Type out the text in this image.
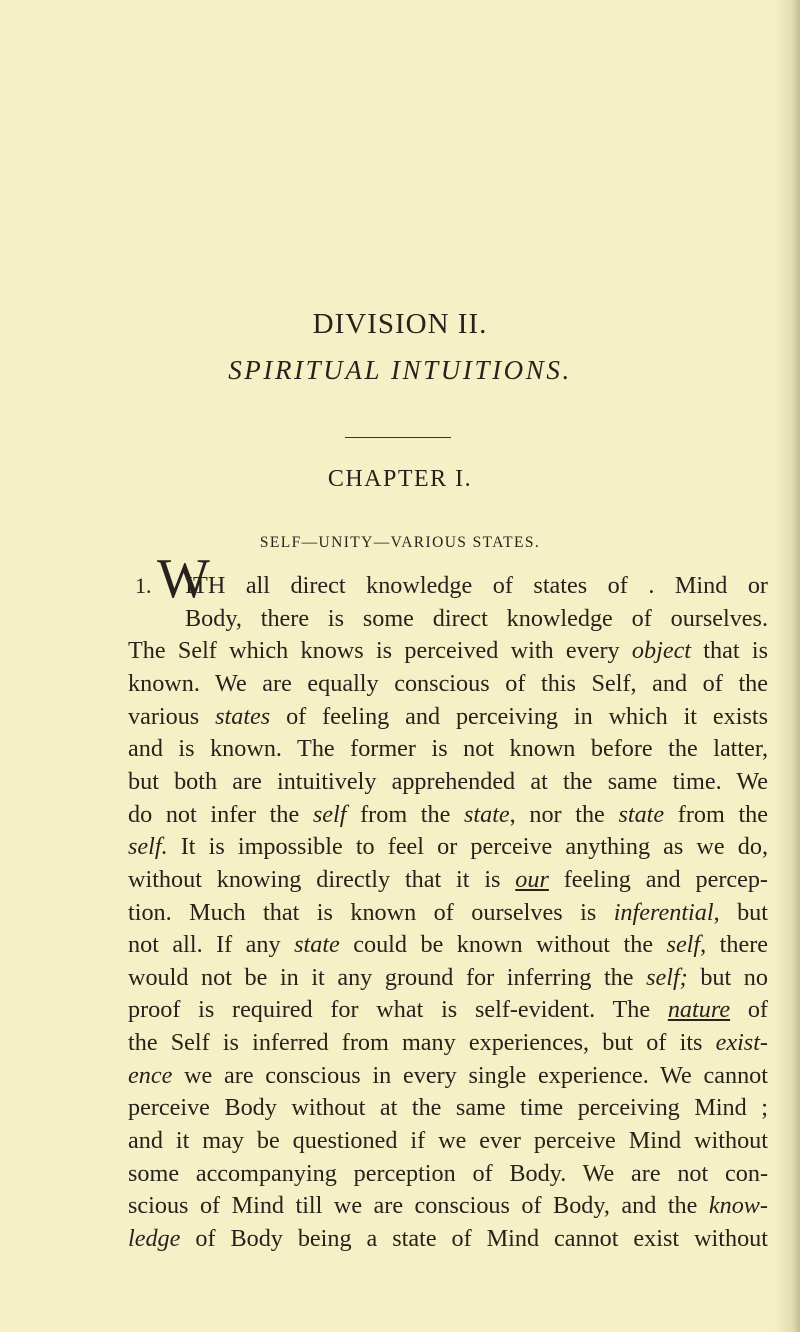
DIVISION II.
SPIRITUAL INTUITIONS.
CHAPTER I.
SELF—UNITY—VARIOUS STATES.
1. W
ITH all direct knowledge of states of . Mind or
Body, there is some direct knowledge of ourselves.
The Self which knows is perceived with every object that is
known. We are equally conscious of this Self, and of the
various states of feeling and perceiving in which it exists
and is known. The former is not known before the latter,
but both are intuitively apprehended at the same time. We
do not infer the self from the state, nor the state from the
self. It is impossible to feel or perceive anything as we do,
without knowing directly that it is our feeling and percep-
tion. Much that is known of ourselves is inferential, but
not all. If any state could be known without the self, there
would not be in it any ground for inferring the self; but no
proof is required for what is self-evident. The nature of
the Self is inferred from many experiences, but of its exist-
ence we are conscious in every single experience. We cannot
perceive Body without at the same time perceiving Mind ;
and it may be questioned if we ever perceive Mind without
some accompanying perception of Body. We are not con-
scious of Mind till we are conscious of Body, and the know-
ledge of Body being a state of Mind cannot exist without
